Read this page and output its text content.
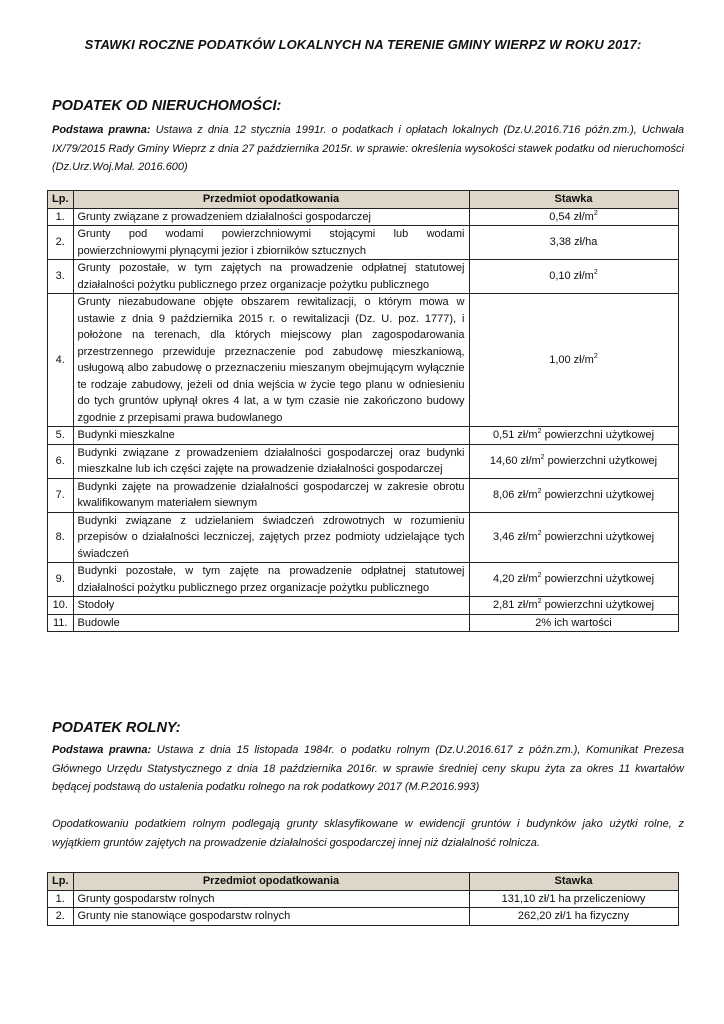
STAWKI ROCZNE PODATKÓW LOKALNYCH NA TERENIE GMINY WIERPZ W ROKU 2017:
PODATEK OD NIERUCHOMOŚCI:
Podstawa prawna: Ustawa z dnia 12 stycznia 1991r. o podatkach i opłatach lokalnych (Dz.U.2016.716 późn.zm.), Uchwała IX/79/2015 Rady Gminy Wieprz z dnia 27 października 2015r. w sprawie: określenia wysokości stawek podatku od nieruchomości (Dz.Urz.Woj.Mał. 2016.600)
Lp.	Przedmiot opodatkowania	Stawka
1.	Grunty związane z prowadzeniem działalności gospodarczej	0,54 $zł/m^2$
2.	Grunty pod wodami powierzchniowymi stojącymi lub wodami powierzchniowymi płynącymi jezior i zbiorników sztucznych	3,38 zł/ha
3.	Grunty pozostałe, w tym zajętych na prowadzenie odpłatnej statutowej działalności pożytku publicznego przez organizacje pożytku publicznego	0,10 $zł/m^2$
4.	Grunty niezabudowane objęte obszarem rewitalizacji, o którym mowa w ustawie z dnia 9 października 2015 r. o rewitalizacji (Dz. U. poz. 1777), i położone na terenach, dla których miejscowy plan zagospodarowania przestrzennego przewiduje przeznaczenie pod zabudowę mieszkaniową, usługową albo zabudowę o przeznaczeniu mieszanym obejmującym wyłącznie te rodzaje zabudowy, jeżeli od dnia wejścia w życie tego planu w odniesieniu do tych gruntów upłynął okres 4 lat, a w tym czasie nie zakończono budowy zgodnie z przepisami prawa budowlanego	1,00 $zł/m^2$
5.	Budynki mieszkalne	0,51 $zł/m^2$ powierzchni użytkowej
6.	Budynki związane z prowadzeniem działalności gospodarczej oraz budynki mieszkalne lub ich części zajęte na prowadzenie działalności gospodarczej	14,60 $zł/m^2$ powierzchni użytkowej
7.	Budynki zajęte na prowadzenie działalności gospodarczej w zakresie obrotu kwalifikowanym materiałem siewnym	8,06 $zł/m^2$ powierzchni użytkowej
8.	Budynki związane z udzielaniem świadczeń zdrowotnych w rozumieniu przepisów o działalności leczniczej, zajętych przez podmioty udzielające tych świadczeń	3,46 $zł/m^2$ powierzchni użytkowej
9.	Budynki pozostałe, w tym zajęte na prowadzenie odpłatnej statutowej działalności pożytku publicznego przez organizacje pożytku publicznego	4,20 $zł/m^2$ powierzchni użytkowej
10.	Stodoły	2,81 $zł/m^2$ powierzchni użytkowej
11.	Budowle	2% ich wartości
PODATEK ROLNY:
Podstawa prawna: Ustawa z dnia 15 listopada 1984r. o podatku rolnym (Dz.U.2016.617 z późn.zm.), Komunikat Prezesa Głównego Urzędu Statystycznego z dnia 18 października 2016r. w sprawie średniej ceny skupu żyta za okres 11 kwartałów będącej podstawą do ustalenia podatku rolnego na rok podatkowy 2017 (M.P.2016.993)
Opodatkowaniu podatkiem rolnym podlegają grunty sklasyfikowane w ewidencji gruntów i budynków jako użytki rolne, z wyjątkiem gruntów zajętych na prowadzenie działalności gospodarczej innej niż działalność rolnicza.
Lp.	Przedmiot opodatkowania	Stawka
1.	Grunty gospodarstw rolnych	131,10 zł/1 ha przeliczeniowy
2.	Grunty nie stanowiące gospodarstw rolnych	262,20 zł/1 ha fizyczny
